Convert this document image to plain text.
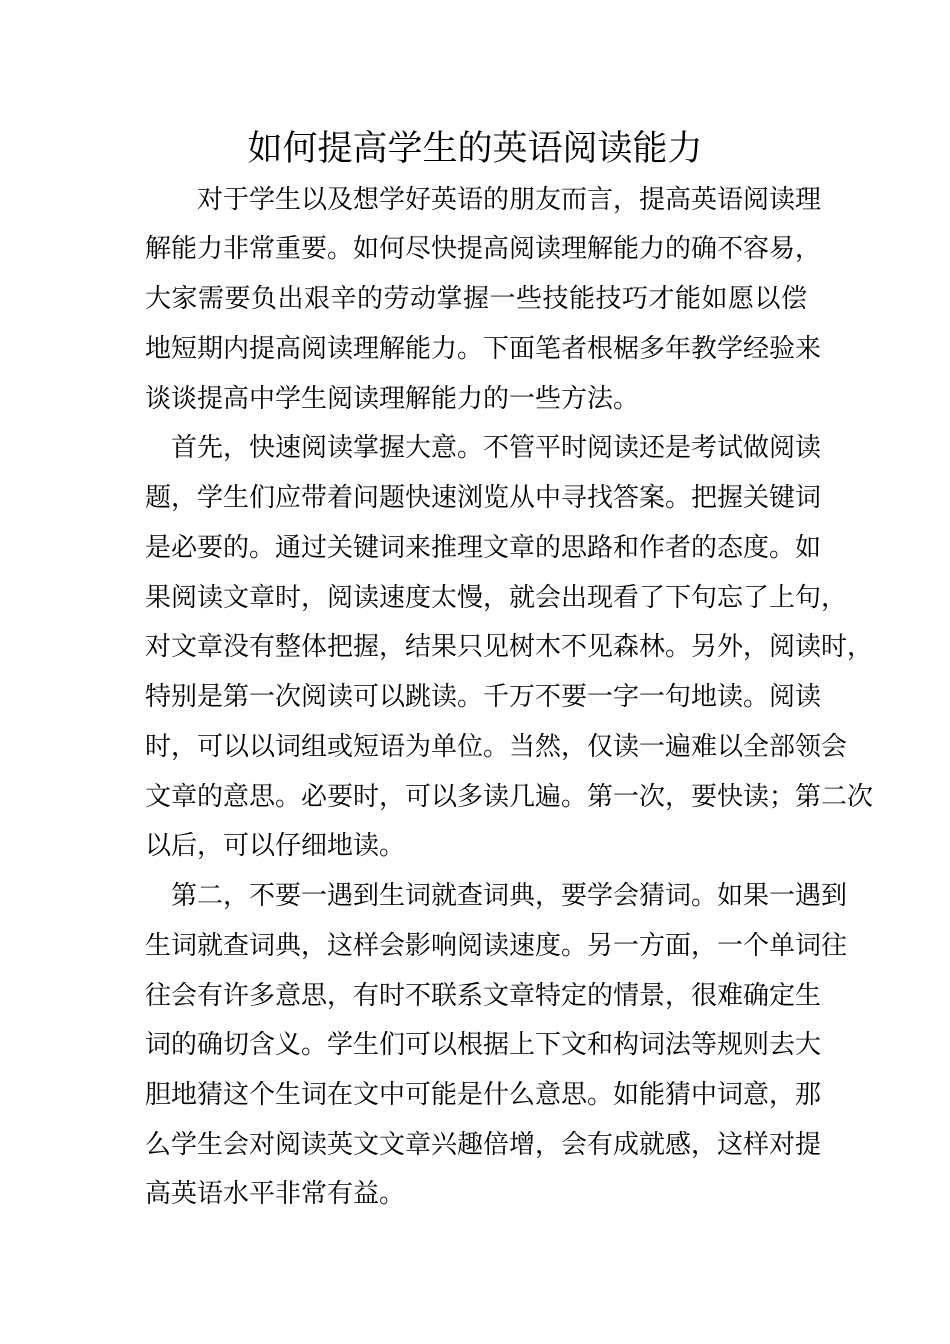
如何提高学生的英语阅读能力
对于学生以及想学好英语的朋友而言，提高英语阅读理
解能力非常重要。如何尽快提高阅读理解能力的确不容易，
大家需要负出艰辛的劳动掌握一些技能技巧才能如愿以偿
地短期内提高阅读理解能力。下面笔者根椐多年教学经验来
谈谈提高中学生阅读理解能力的一些方法。
首先，快速阅读掌握大意。不管平时阅读还是考试做阅读
题，学生们应带着问题快速浏览从中寻找答案。把握关键词
是必要的。通过关键词来推理文章的思路和作者的态度。如
果阅读文章时，阅读速度太慢，就会出现看了下句忘了上句，
对文章没有整体把握，结果只见树木不见森林。另外，阅读时，
特别是第一次阅读可以跳读。千万不要一字一句地读。阅读
时，可以以词组或短语为单位。当然，仅读一遍难以全部领会
文章的意思。必要时，可以多读几遍。第一次，要快读；第二次
以后，可以仔细地读。
第二，不要一遇到生词就查词典，要学会猜词。如果一遇到
生词就查词典，这样会影响阅读速度。另一方面，一个单词往
往会有许多意思，有时不联系文章特定的情景，很难确定生
词的确切含义。学生们可以根据上下文和构词法等规则去大
胆地猜这个生词在文中可能是什么意思。如能猜中词意，那
么学生会对阅读英文文章兴趣倍增，会有成就感，这样对提
高英语水平非常有益。
